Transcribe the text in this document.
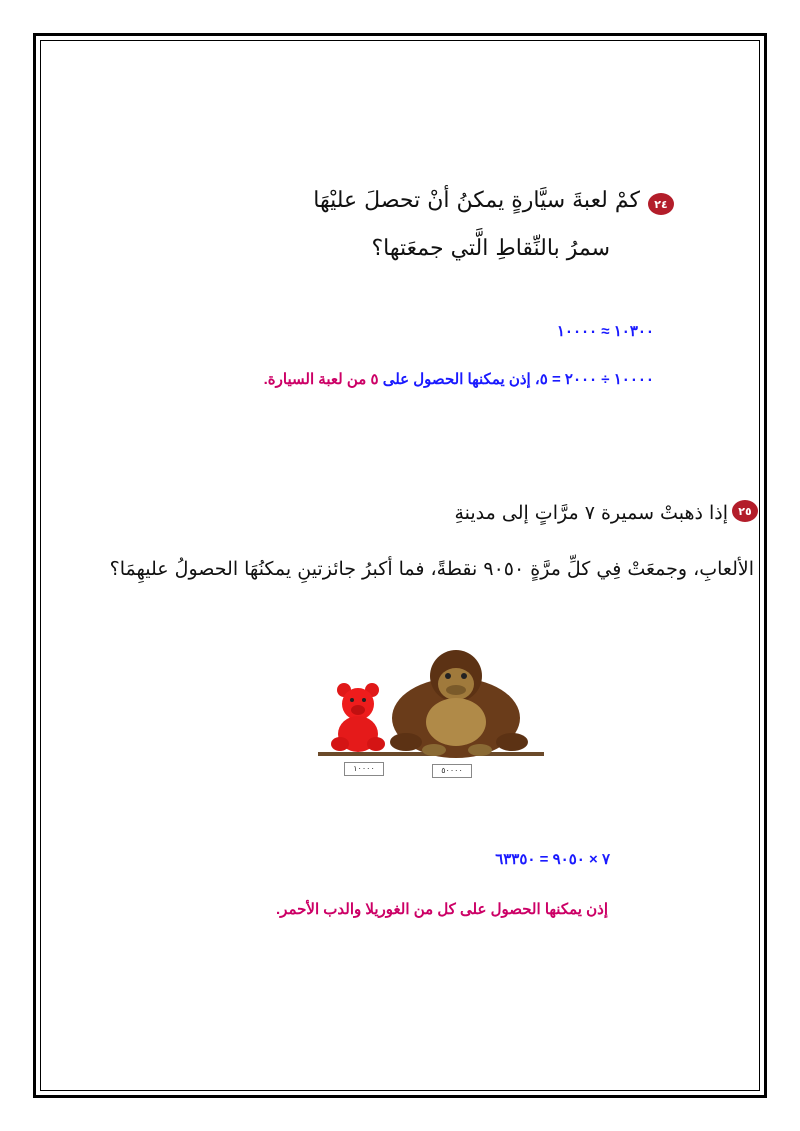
٢٤
كمْ لعبةَ سيَّارةٍ يمكنُ أنْ تحصلَ عليْهَا
سمرُ بالنِّقاطِ الَّتي جمعَتها؟
١٠٣٠٠ ≈ ١٠٠٠٠
١٠٠٠٠ ÷ ٢٠٠٠ = ٥، إذن يمكنها الحصول على ٥ من لعبة السيارة.
٢٥
إذا ذهبتْ سميرة ٧ مرَّاتٍ إلى مدينةِ
الألعابِ، وجمعَتْ فِي كلِّ مرَّةٍ ٩٠٥٠ نقطةً، فما أكبرُ جائزتينِ يمكنُهَا الحصولُ عليهِمَا؟
١٠٠٠٠	٥٠٠٠٠
٧ × ٩٠٥٠ = ٦٣٣٥٠
إذن يمكنها الحصول على كل من الغوريلا والدب الأحمر.
